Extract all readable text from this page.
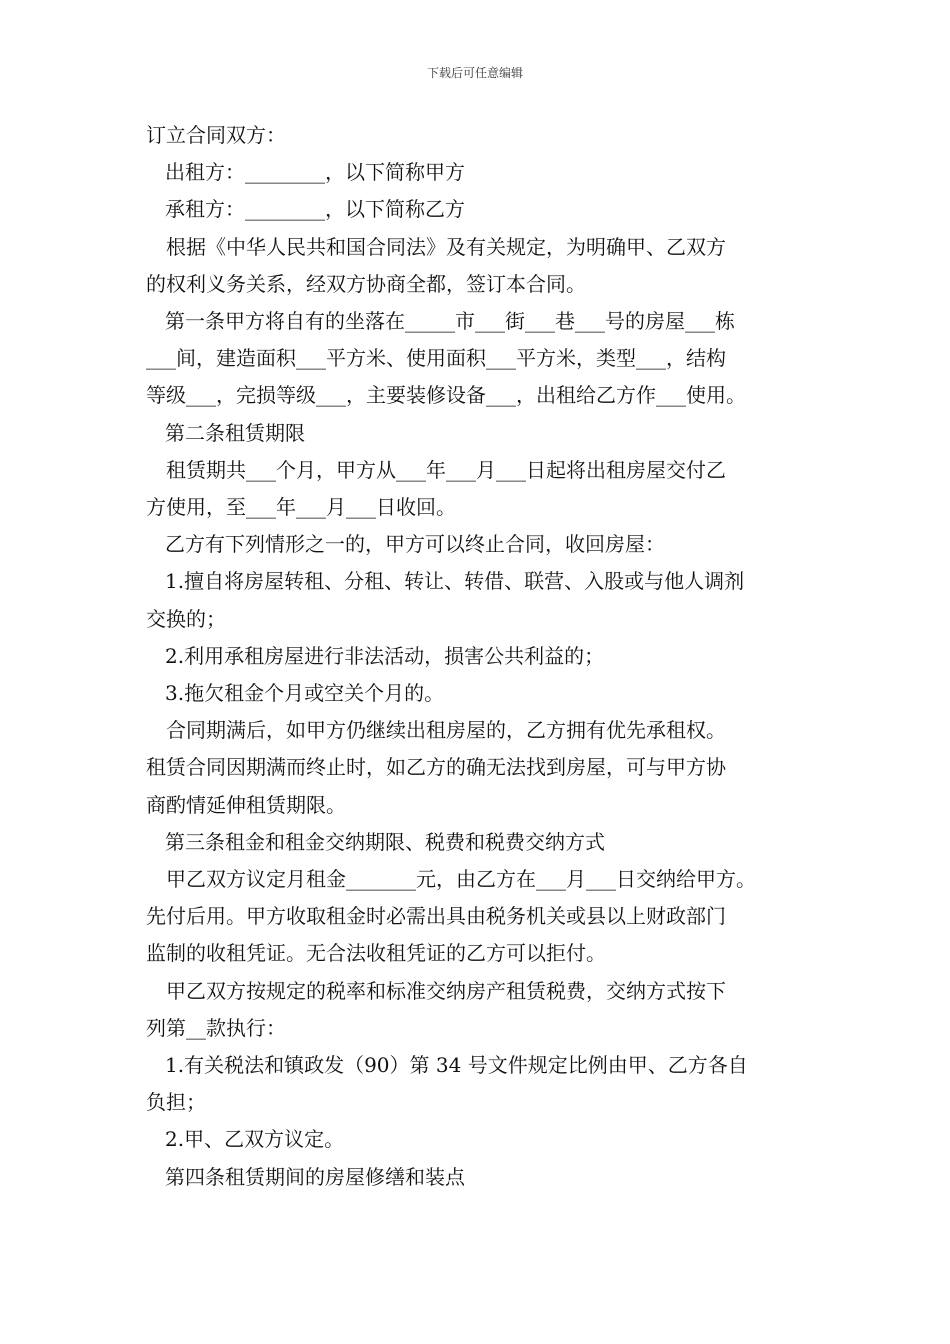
下载后可任意编辑
订立合同双方：
出租方：________，以下简称甲方
承租方：________，以下简称乙方
根据《中华人民共和国合同法》及有关规定，为明确甲、乙双方
的权利义务关系，经双方协商全都，签订本合同。
第一条甲方将自有的坐落在_____市___街___巷___号的房屋___栋
___间，建造面积___平方米、使用面积___平方米，类型___，结构
等级___，完损等级___，主要装修设备___，出租给乙方作___使用。
第二条租赁期限
租赁期共___个月，甲方从___年___月___日起将出租房屋交付乙
方使用，至___年___月___日收回。
乙方有下列情形之一的，甲方可以终止合同，收回房屋：
1.擅自将房屋转租、分租、转让、转借、联营、入股或与他人调剂
交换的；
2.利用承租房屋进行非法活动，损害公共利益的；
3.拖欠租金个月或空关个月的。
合同期满后，如甲方仍继续出租房屋的，乙方拥有优先承租权。
租赁合同因期满而终止时，如乙方的确无法找到房屋，可与甲方协
商酌情延伸租赁期限。
第三条租金和租金交纳期限、税费和税费交纳方式
甲乙双方议定月租金_______元，由乙方在___月___日交纳给甲方。
先付后用。甲方收取租金时必需出具由税务机关或县以上财政部门
监制的收租凭证。无合法收租凭证的乙方可以拒付。
甲乙双方按规定的税率和标准交纳房产租赁税费，交纳方式按下
列第__款执行：
1.有关税法和镇政发（90）第 34 号文件规定比例由甲、乙方各自
负担；
2.甲、乙双方议定。
第四条租赁期间的房屋修缮和装点
